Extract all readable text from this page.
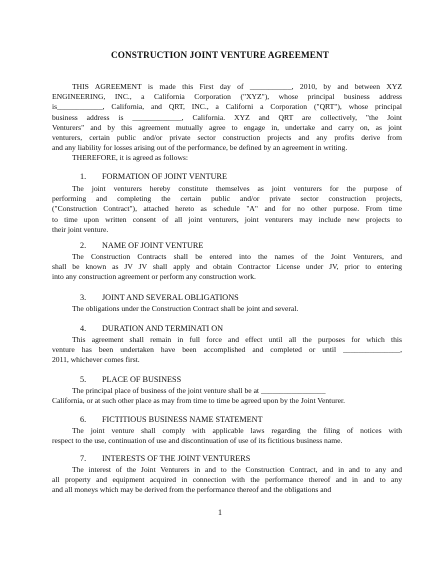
CONSTRUCTION JOINT VENTURE AGREEMENT
THIS AGREEMENT is made this First day of ___________, 2010, by and between XYZ
ENGINEERING, INC., a California Corporation ("XYZ"), whose principal business address
is____________, California, and QRT, INC., a Californi a Corporation ("QRT"), whose principal
business address is _____________, California. XYZ and QRT are collectively, "the Joint
Venturers" and by this agreement mutually agree to engage in, undertake and carry on, as joint
venturers, certain public and/or private sector construction projects and any profits derive from
and any liability for losses arising out of the performance, be defined by an agreement in writing.
THEREFORE, it is agreed as follows:
1. FORMATION OF JOINT VENTURE
The joint venturers hereby constitute themselves as joint venturers for the purpose of
performing and completing the certain public and/or private sector construction projects,
("Construction Contract"), attached hereto as schedule "A" and for no other purpose. From time
to time upon written consent of all joint venturers, joint venturers may include new projects to
their joint venture.
2. NAME OF JOINT VENTURE
The Construction Contracts shall be entered into the names of the Joint Venturers, and
shall be known as JV JV shall apply and obtain Contractor License under JV, prior to entering
into any construction agreement or perform any construction work.
3. JOINT AND SEVERAL OBLIGATIONS
The obligations under the Construction Contract shall be joint and several.
4. DURATION AND TERMINATI ON
This agreement shall remain in full force and effect until all the purposes for which this
venture has been undertaken have been accomplished and completed or until _______________,
2011, whichever comes first.
5. PLACE OF BUSINESS
The principal place of business of the joint venture shall be at _________________
California, or at such other place as may from time to time be agreed upon by the Joint Venturer.
6. FICTITIOUS BUSINESS NAME STATEMENT
The joint venture shall comply with applicable laws regarding the filing of notices with
respect to the use, continuation of use and discontinuation of use of its fictitious business name.
7. INTERESTS OF THE JOINT VENTURERS
The interest of the Joint Venturers in and to the Construction Contract, and in and to any and
all property and equipment acquired in connection with the performance thereof and in and to any
and all moneys which may be derived from the performance thereof and the obligations and
1
